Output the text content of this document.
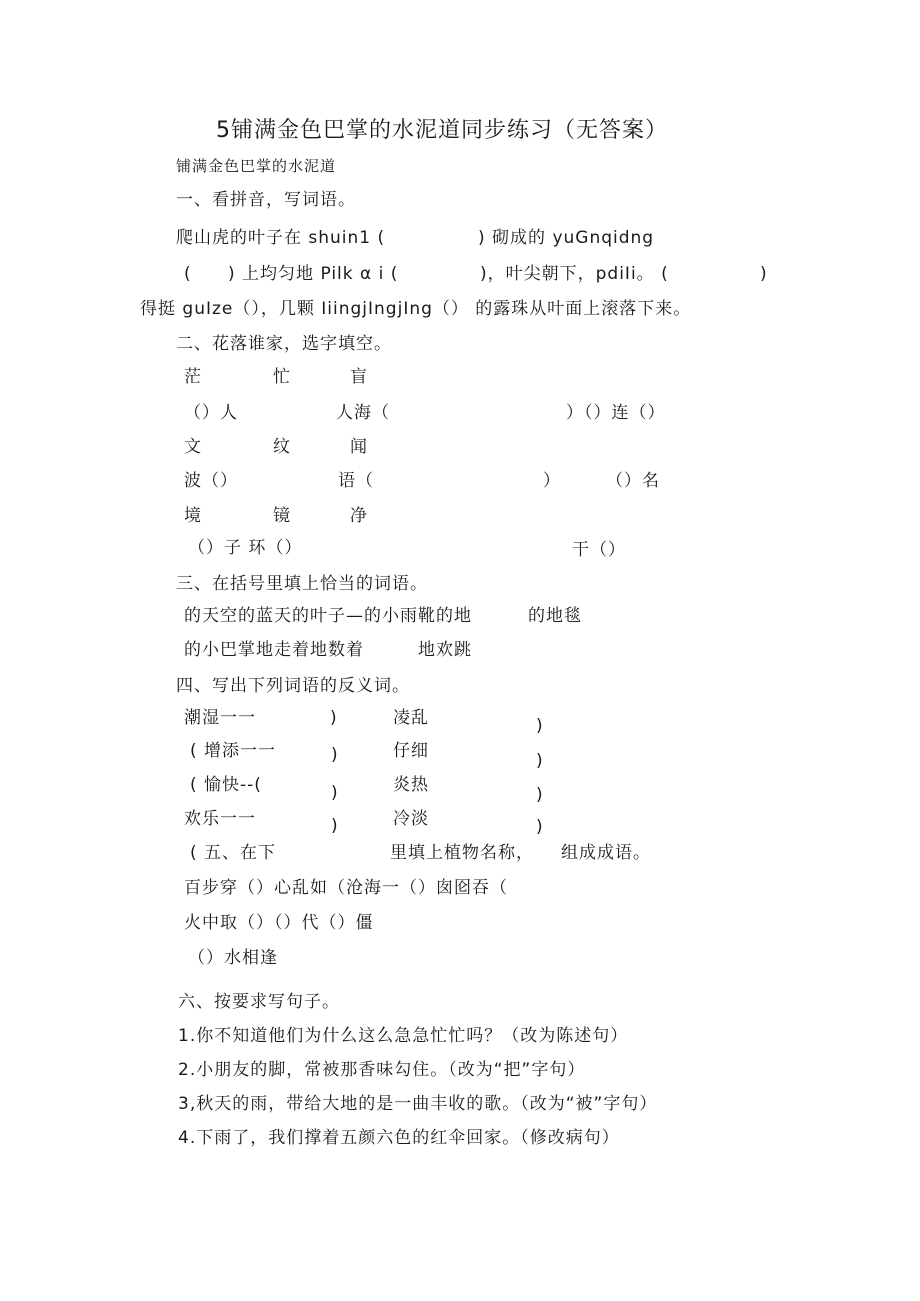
5铺满金色巴掌的水泥道同步练习（无答案）
铺满金色巴掌的水泥道
一、看拼音，写词语。
爬山虎的叶子在 shuin1 (	) 砌成的 yuGnqidng
( ) 上均匀地 Pilk α i (	)，叶尖朝下，pdiIi。 (	)
得挺 guIze（），几颗 IiingjIngjIng（） 的露珠从叶面上滚落下来。
二、花落谁家，选字填空。
茫	忙	盲
（）人	人海（	）（）连（）
文	纹	闻
波（）	语（	）	（）名
境	镜	净
（）子 环（）	干（）
三、在括号里填上恰当的词语。
的天空的蓝天的叶子—的小雨靴的地	的地毯
的小巴掌地走着地数着	地欢跳
四、写出下列词语的反义词。
潮湿一一	)	凌乱	)
( 增添一一	)	仔细	)
( 愉快--(	)	炎热	)
欢乐一一	)	冷淡	)
( 五、在下	里填上植物名称， 组成成语。
百步穿（）心乱如（沧海一（）囱囵吞（
火中取（）（）代（）僵
（）水相逢
六、按要求写句子。
1.你不知道他们为什么这么急急忙忙吗？（改为陈述句）
2.小朋友的脚，常被那香味勾住。（改为“把”字句）
3,秋天的雨，带给大地的是一曲丰收的歌。（改为“被”字句）
4.下雨了，我们撑着五颜六色的红伞回家。（修改病句）
